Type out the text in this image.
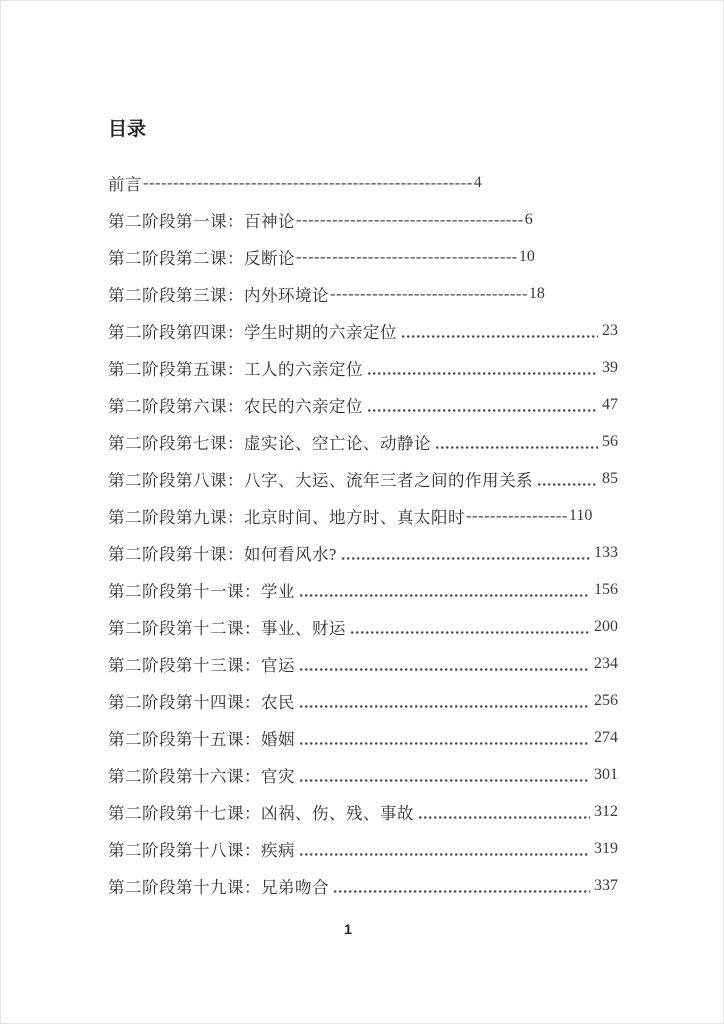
目录
前言 ------------------------------------------------------- 4
第二阶段第一课：百神论 -------------------------------------- 6
第二阶段第二课：反断论 ------------------------------------- 10
第二阶段第三课：内外环境论 --------------------------------- 18
第二阶段第四课：学生时期的六亲定位	23
第二阶段第五课：工人的六亲定位	39
第二阶段第六课：农民的六亲定位	47
第二阶段第七课：虚实论、空亡论、动静论	56
第二阶段第八课：八字、大运、流年三者之间的作用关系	85
第二阶段第九课：北京时间、地方时、真太阳时 ----------------- 110
第二阶段第十课：如何看风水?	133
第二阶段第十一课：学业	156
第二阶段第十二课：事业、财运	200
第二阶段第十三课：官运	234
第二阶段第十四课：农民	256
第二阶段第十五课：婚姻	274
第二阶段第十六课：官灾	301
第二阶段第十七课：凶祸、伤、残、事故	312
第二阶段第十八课：疾病	319
第二阶段第十九课：兄弟吻合	337
1
